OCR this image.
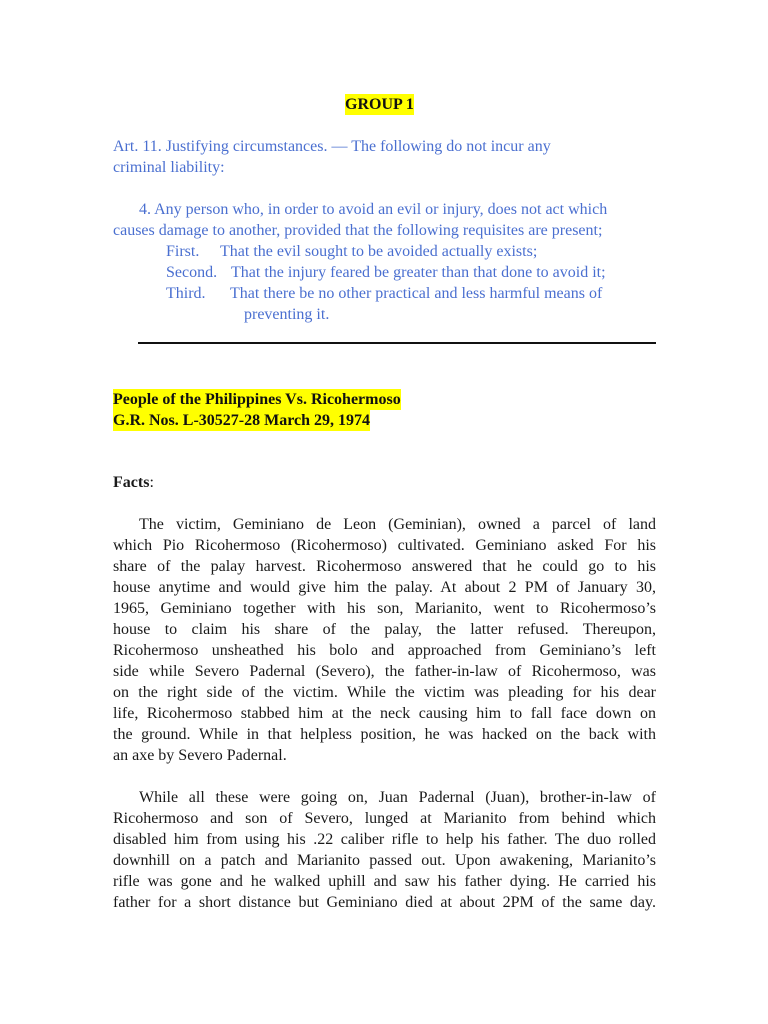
GROUP 1
Art. 11. Justifying circumstances. — The following do not incur any
criminal liability:
4. Any person who, in order to avoid an evil or injury, does not act which
causes damage to another, provided that the following requisites are present;
First. That the evil sought to be avoided actually exists;
Second. That the injury feared be greater than that done to avoid it;
Third. That there be no other practical and less harmful means of
preventing it.
People of the Philippines Vs. Ricohermoso
G.R. Nos. L-30527-28 March 29, 1974
Facts:
The victim, Geminiano de Leon (Geminian), owned a parcel of land
which Pio Ricohermoso (Ricohermoso) cultivated. Geminiano asked For his
share of the palay harvest. Ricohermoso answered that he could go to his
house anytime and would give him the palay. At about 2 PM of January 30,
1965, Geminiano together with his son, Marianito, went to Ricohermoso’s
house to claim his share of the palay, the latter refused. Thereupon,
Ricohermoso unsheathed his bolo and approached from Geminiano’s left
side while Severo Padernal (Severo), the father-in-law of Ricohermoso, was
on the right side of the victim. While the victim was pleading for his dear
life, Ricohermoso stabbed him at the neck causing him to fall face down on
the ground. While in that helpless position, he was hacked on the back with
an axe by Severo Padernal.
While all these were going on, Juan Padernal (Juan), brother-in-law of
Ricohermoso and son of Severo, lunged at Marianito from behind which
disabled him from using his .22 caliber rifle to help his father. The duo rolled
downhill on a patch and Marianito passed out. Upon awakening, Marianito’s
rifle was gone and he walked uphill and saw his father dying. He carried his
father for a short distance but Geminiano died at about 2PM of the same day.
